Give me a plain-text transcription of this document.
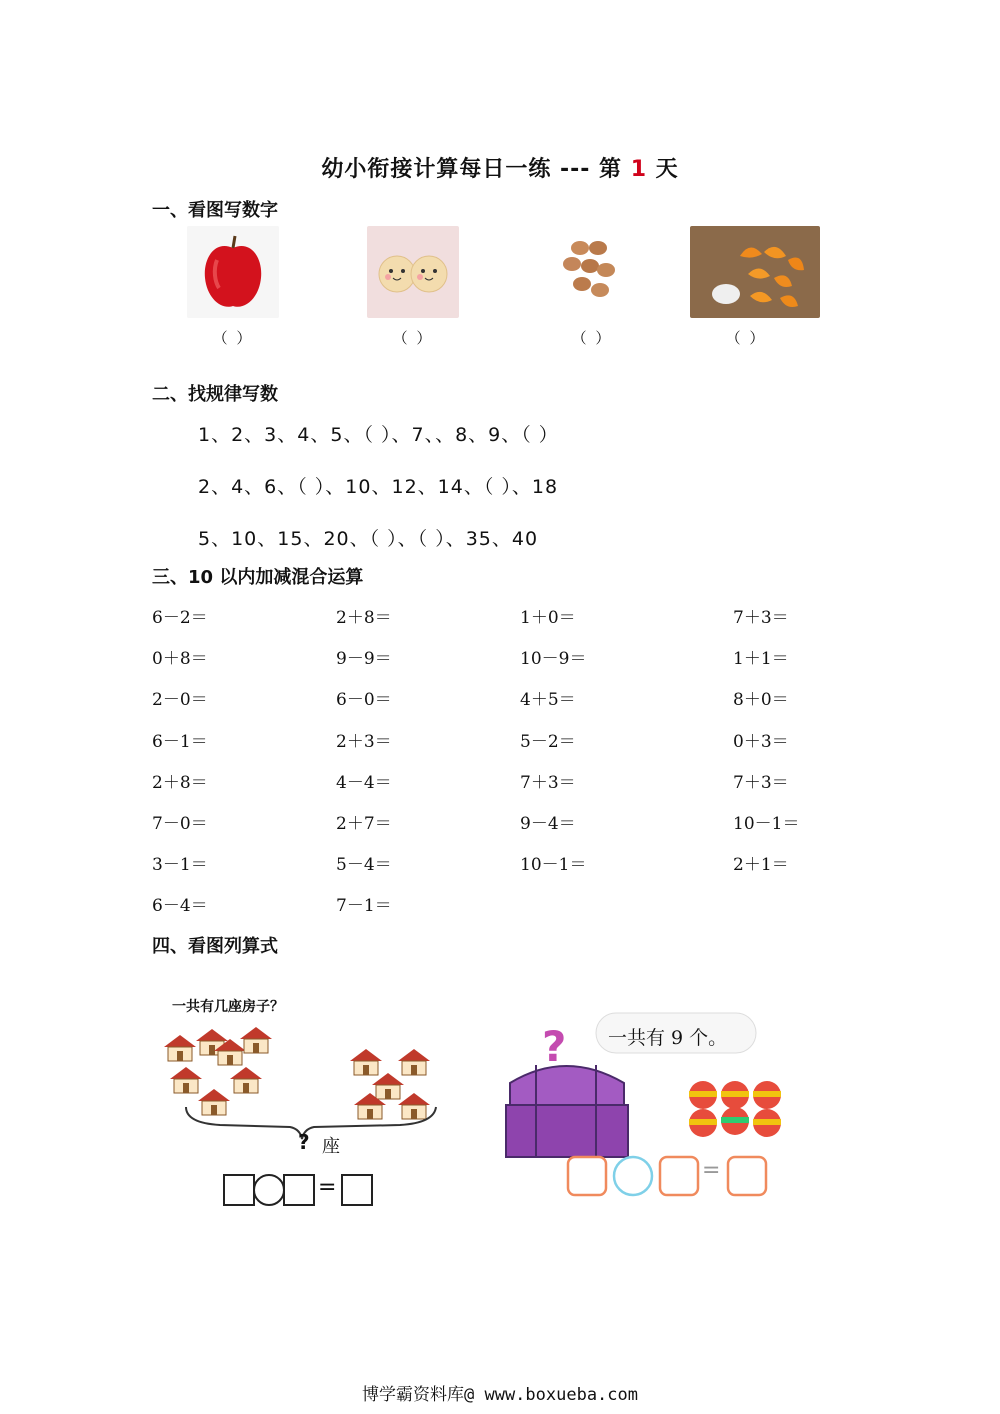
幼小衔接计算每日一练 --- 第 1 天
一、看图写数字
（ ）	（ ）	（ ）	（ ）
二、找规律写数
1、2、3、4、5、（ ）、7、、8、9、（ ）
2、4、6、（ ）、10、12、14、（ ）、18
5、10、15、20、（ ）、（ ）、35、40
三、10 以内加减混合运算
6－2＝	2＋8＝	1＋0＝	7＋3＝
0＋8＝	9－9＝	10－9＝	1＋1＝
2－0＝	6－0＝	4＋5＝	8＋0＝
6－1＝	2＋3＝	5－2＝	0＋3＝
2＋8＝	4－4＝	7＋3＝	7＋3＝
7－0＝	2＋7＝	9－4＝	10－1＝
3－1＝	5－4＝	10－1＝	2＋1＝
6－4＝	7－1＝
四、看图列算式
一共有几座房子？
? 座
=
一共有 9 个。
?
=
博学霸资料库@ www.boxueba.com
